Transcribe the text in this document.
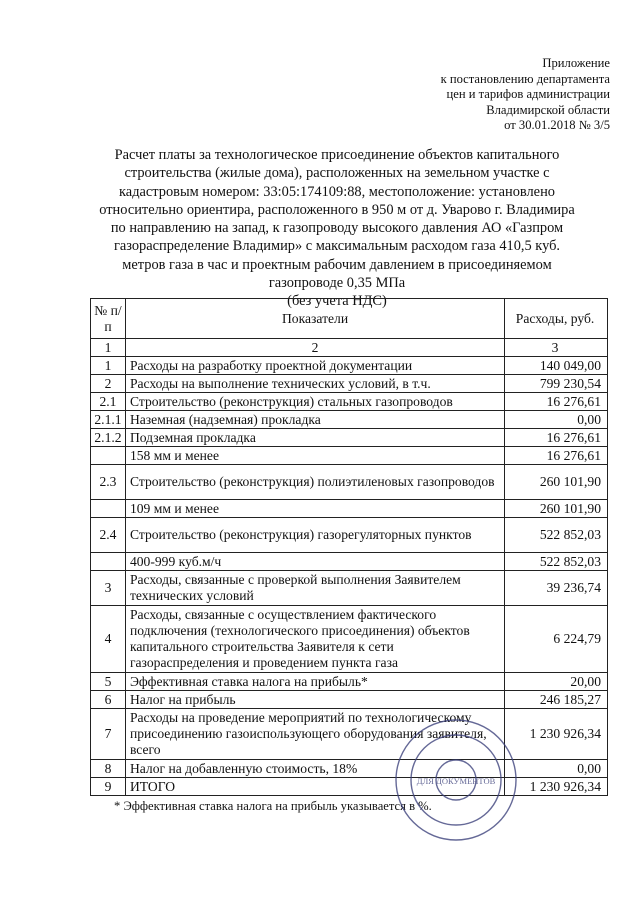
Приложение
к постановлению департамента
цен и тарифов администрации
Владимирской области
от 30.01.2018 № 3/5
Расчет платы за технологическое присоединение объектов капитального
строительства (жилые дома), расположенных на земельном участке с
кадастровым номером: 33:05:174109:88, местоположение: установлено
относительно ориентира, расположенного в 950 м от д. Уварово г. Владимира
по направлению на запад, к газопроводу высокого давления АО «Газпром
газораспределение Владимир» с максимальным расходом газа 410,5 куб.
метров газа в час и проектным рабочим давлением в присоединяемом
газопроводе 0,35 МПа
(без учета НДС)
№ п/п	Показатели	Расходы, руб.
1	2	3
1	Расходы на разработку проектной документации	140 049,00
2	Расходы на выполнение технических условий, в т.ч.	799 230,54
2.1	Строительство (реконструкция) стальных газопроводов	16 276,61
2.1.1	Наземная (надземная) прокладка	0,00
2.1.2	Подземная прокладка	16 276,61
	158 мм и менее	16 276,61
2.3	Строительство (реконструкция) полиэтиленовых газопроводов	260 101,90
	109 мм и менее	260 101,90
2.4	Строительство (реконструкция) газорегуляторных пунктов	522 852,03
	400-999 куб.м/ч	522 852,03
3	Расходы, связанные с проверкой выполнения Заявителем технических условий	39 236,74
4	Расходы, связанные с осуществлением фактического подключения (технологического присоединения) объектов капитального строительства Заявителя к сети газораспределения и проведением пункта газа	6 224,79
5	Эффективная ставка налога на прибыль*	20,00
6	Налог на прибыль	246 185,27
7	Расходы на проведение мероприятий по технологическому присоединению газоиспользующего оборудования заявителя, всего	1 230 926,34
8	Налог на добавленную стоимость, 18%	0,00
9	ИТОГО	1 230 926,34
* Эффективная ставка налога на прибыль указывается в %.
ДЛЯ ДОКУМЕНТОВ
